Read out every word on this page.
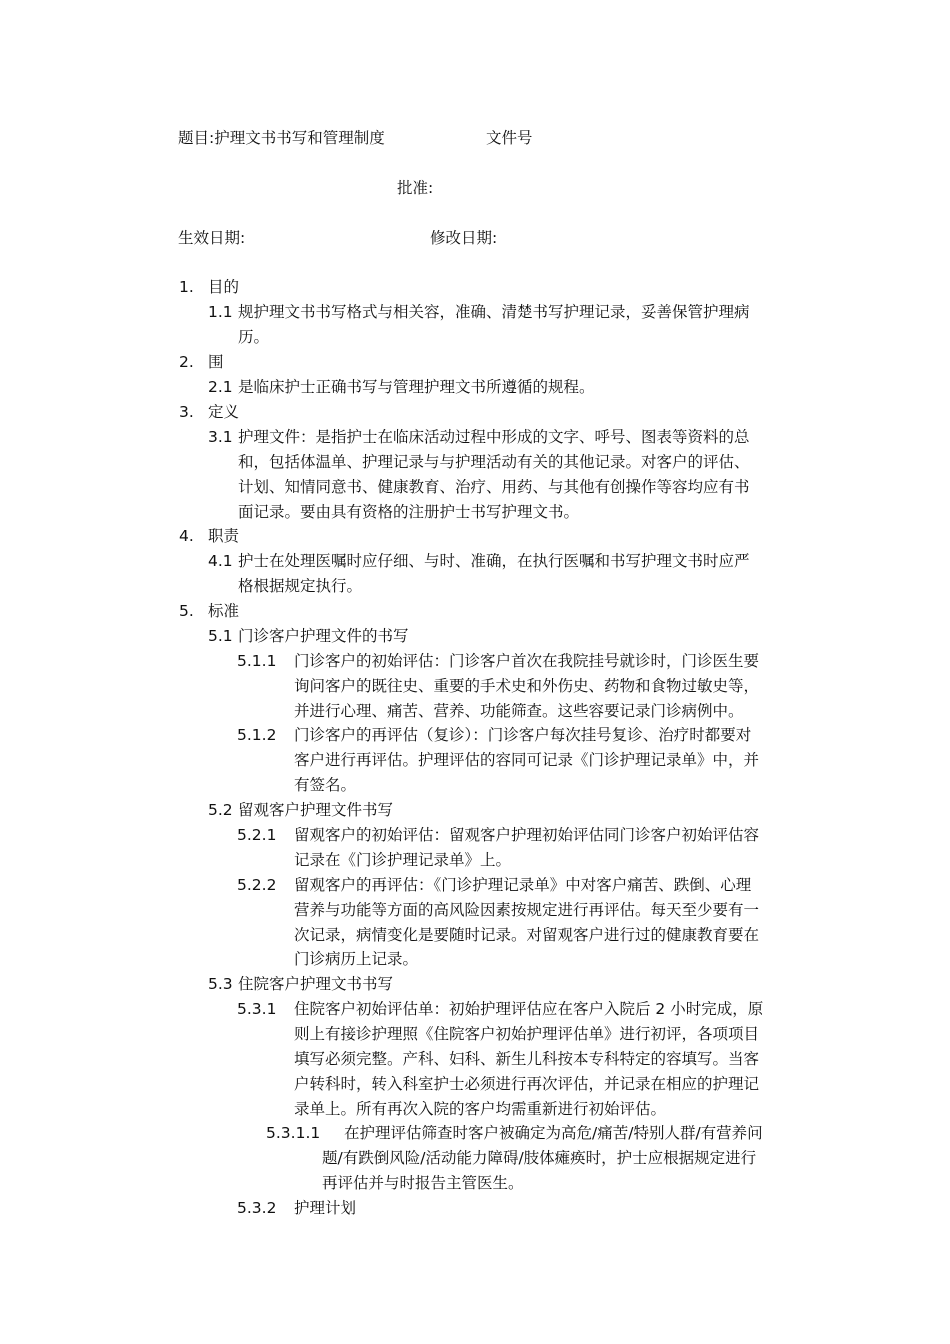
题目:护理文书书写和管理制度	文件号
批准:
生效日期:	修改日期:
1. 目的
1.1 规护理文书书写格式与相关容，准确、清楚书写护理记录，妥善保管护理病
历。
2. 围
2.1 是临床护士正确书写与管理护理文书所遵循的规程。
3. 定义
3.1 护理文件：是指护士在临床活动过程中形成的文字、呼号、图表等资料的总
和，包括体温单、护理记录与与护理活动有关的其他记录。对客户的评估、
计划、知情同意书、健康教育、治疗、用药、与其他有创操作等容均应有书
面记录。要由具有资格的注册护士书写护理文书。
4. 职责
4.1 护士在处理医嘱时应仔细、与时、准确，在执行医嘱和书写护理文书时应严
格根据规定执行。
5. 标准
5.1 门诊客户护理文件的书写
5.1.1 门诊客户的初始评估：门诊客户首次在我院挂号就诊时，门诊医生要
询问客户的既往史、重要的手术史和外伤史、药物和食物过敏史等，
并进行心理、痛苦、营养、功能筛查。这些容要记录门诊病例中。
5.1.2 门诊客户的再评估（复诊）：门诊客户每次挂号复诊、治疗时都要对
客户进行再评估。护理评估的容同可记录《门诊护理记录单》中，并
有签名。
5.2 留观客户护理文件书写
5.2.1 留观客户的初始评估：留观客户护理初始评估同门诊客户初始评估容
记录在《门诊护理记录单》上。
5.2.2 留观客户的再评估：《门诊护理记录单》中对客户痛苦、跌倒、心理
营养与功能等方面的高风险因素按规定进行再评估。每天至少要有一
次记录，病情变化是要随时记录。对留观客户进行过的健康教育要在
门诊病历上记录。
5.3 住院客户护理文书书写
5.3.1 住院客户初始评估单：初始护理评估应在客户入院后 2 小时完成，原
则上有接诊护理照《住院客户初始护理评估单》进行初评，各项项目
填写必须完整。产科、妇科、新生儿科按本专科特定的容填写。当客
户转科时，转入科室护士必须进行再次评估，并记录在相应的护理记
录单上。所有再次入院的客户均需重新进行初始评估。
5.3.1.1 在护理评估筛查时客户被确定为高危/痛苦/特别人群/有营养问
题/有跌倒风险/活动能力障碍/肢体瘫痪时，护士应根据规定进行
再评估并与时报告主管医生。
5.3.2 护理计划
